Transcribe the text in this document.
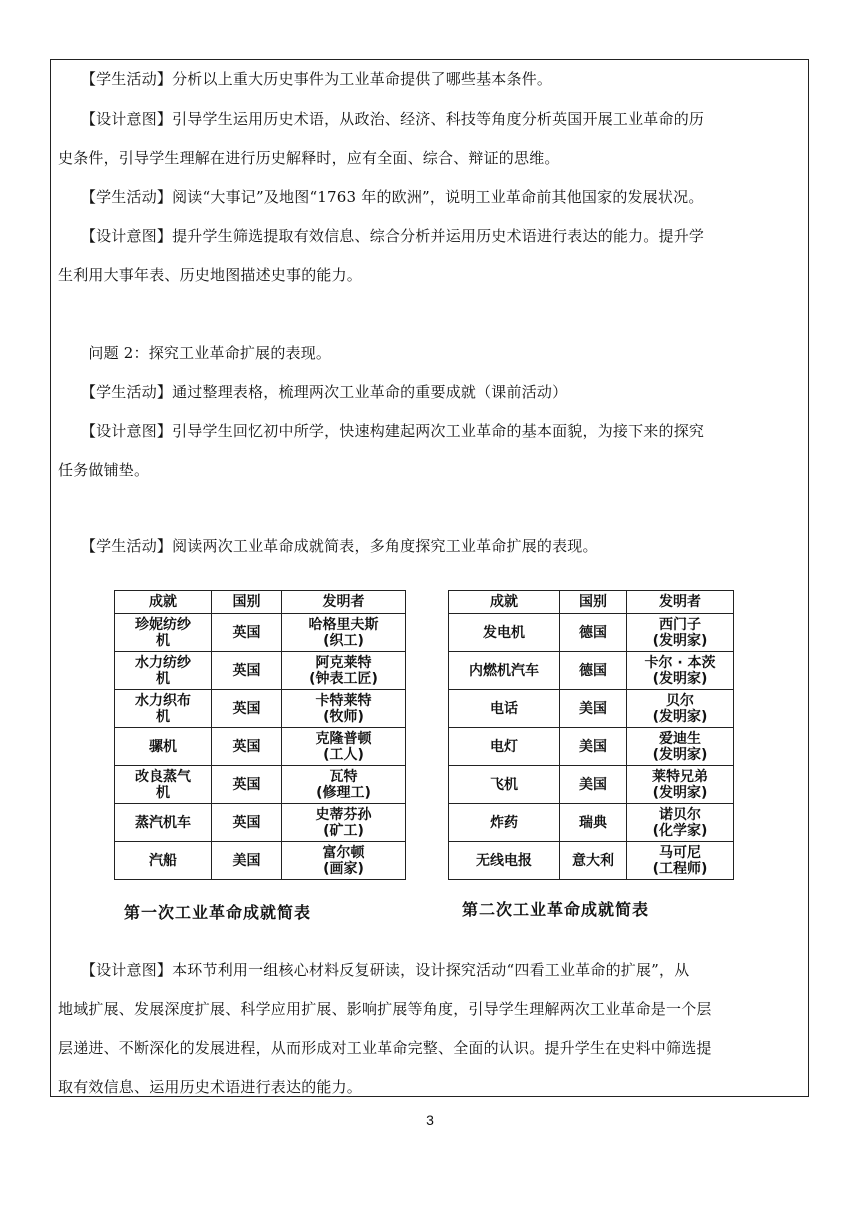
　　【学生活动】分析以上重大历史事件为工业革命提供了哪些基本条件。
　　【设计意图】引导学生运用历史术语，从政治、经济、科技等角度分析英国开展工业革命的历
史条件，引导学生理解在进行历史解释时，应有全面、综合、辩证的思维。
　　【学生活动】阅读“大事记”及地图“1763 年的欧洲”，说明工业革命前其他国家的发展状况。
　　【设计意图】提升学生筛选提取有效信息、综合分析并运用历史术语进行表达的能力。提升学
生利用大事年表、历史地图描述史事的能力。
　　问题 2：探究工业革命扩展的表现。
　　【学生活动】通过整理表格，梳理两次工业革命的重要成就（课前活动）
　　【设计意图】引导学生回忆初中所学，快速构建起两次工业革命的基本面貌，为接下来的探究
任务做铺垫。
　　【学生活动】阅读两次工业革命成就简表，多角度探究工业革命扩展的表现。
成就	国别	发明者

珍妮纺纱
机	英国	哈格里夫斯
(织工)

水力纺纱
机	英国	阿克莱特
(钟表工匠)

水力织布
机	英国	卡特莱特
(牧师)

骡机	英国	克隆普顿
(工人)

改良蒸气
机	英国	瓦特
(修理工)

蒸汽机车	英国	史蒂芬孙
(矿工)

汽船	美国	富尔顿
(画家)
成就	国别	发明者

发电机	德国	西门子
(发明家)

内燃机汽车	德国	卡尔 · 本茨
(发明家)

电话	美国	贝尔
(发明家)

电灯	美国	爱迪生
(发明家)

飞机	美国	莱特兄弟
(发明家)

炸药	瑞典	诺贝尔
(化学家)

无线电报	意大利	马可尼
(工程师)
第一次工业革命成就简表	第二次工业革命成就简表
　　【设计意图】本环节利用一组核心材料反复研读，设计探究活动“四看工业革命的扩展”，从
地域扩展、发展深度扩展、科学应用扩展、影响扩展等角度，引导学生理解两次工业革命是一个层
层递进、不断深化的发展进程，从而形成对工业革命完整、全面的认识。提升学生在史料中筛选提
取有效信息、运用历史术语进行表达的能力。
3
